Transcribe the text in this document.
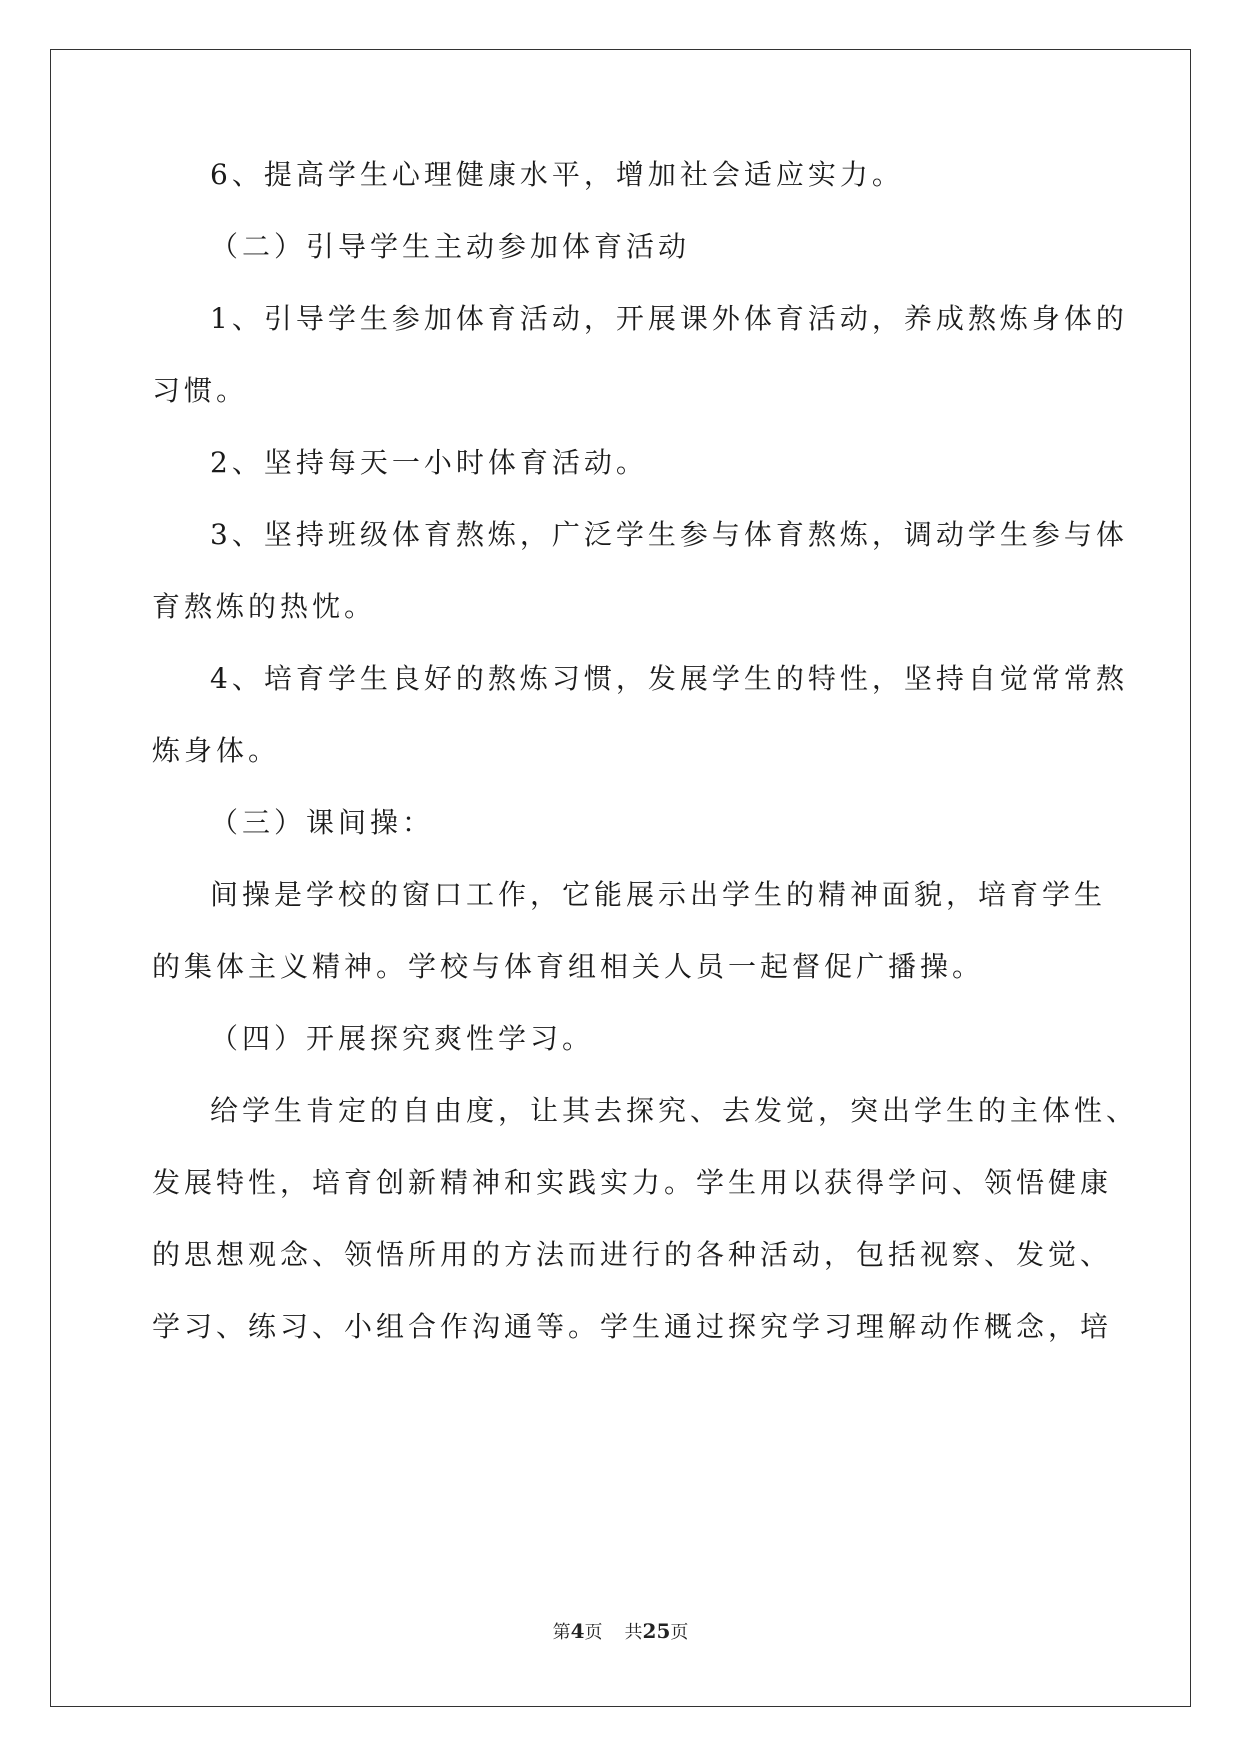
6、提高学生心理健康水平，增加社会适应实力。
（二）引导学生主动参加体育活动
1、引导学生参加体育活动，开展课外体育活动，养成熬炼身体的
习惯。
2、坚持每天一小时体育活动。
3、坚持班级体育熬炼，广泛学生参与体育熬炼，调动学生参与体
育熬炼的热忱。
4、培育学生良好的熬炼习惯，发展学生的特性，坚持自觉常常熬
炼身体。
（三）课间操：
间操是学校的窗口工作，它能展示出学生的精神面貌，培育学生
的集体主义精神。学校与体育组相关人员一起督促广播操。
（四）开展探究爽性学习。
给学生肯定的自由度，让其去探究、去发觉，突出学生的主体性、
发展特性，培育创新精神和实践实力。学生用以获得学问、领悟健康
的思想观念、领悟所用的方法而进行的各种活动，包括视察、发觉、
学习、练习、小组合作沟通等。学生通过探究学习理解动作概念，培
第4页 共25页
